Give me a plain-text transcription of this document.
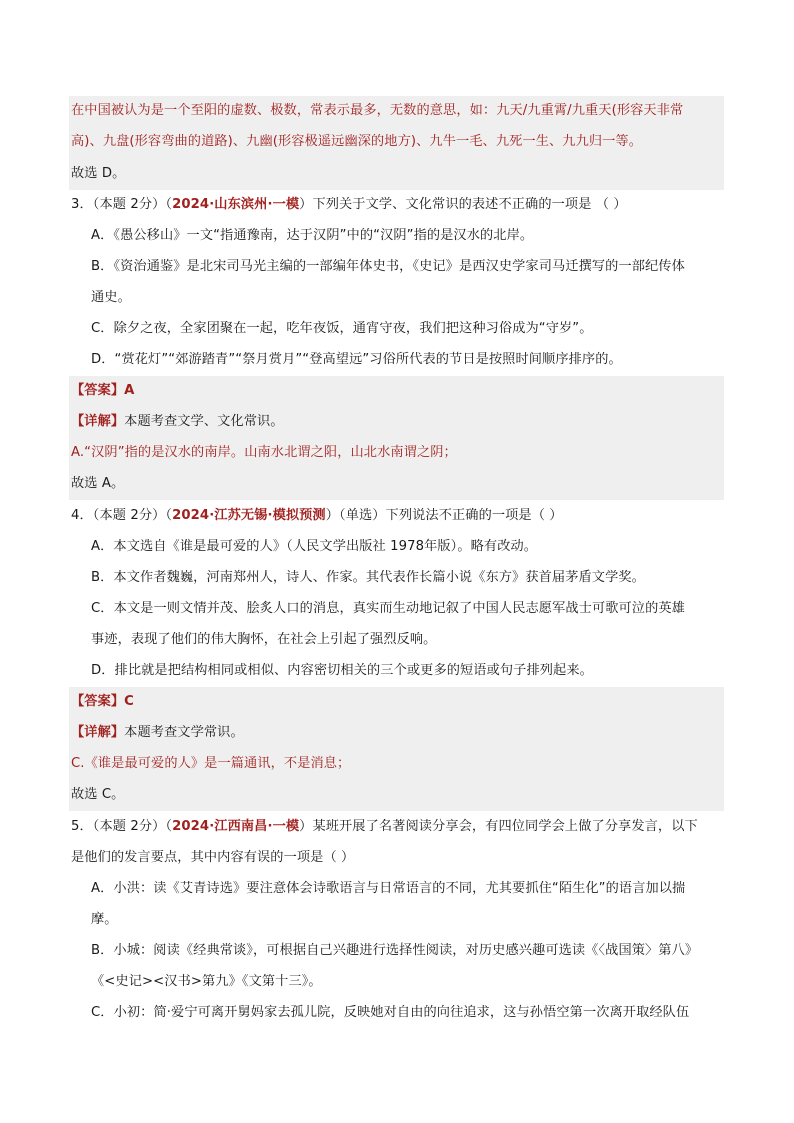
在中国被认为是一个至阳的虚数、极数，常表示最多，无数的意思，如：九天/九重霄/九重天(形容天非常
高)、九盘(形容弯曲的道路)、九幽(形容极遥远幽深的地方)、九牛一毛、九死一生、九九归一等。
故选 D。
3．（本题 2分）（2024·山东滨州·一模）下列关于文学、文化常识的表述不正确的一项是 （ ）
A．《愚公移山》一文“指通豫南，达于汉阴”中的“汉阴”指的是汉水的北岸。
B．《资治通鉴》是北宋司马光主编的一部编年体史书，《史记》是西汉史学家司马迁撰写的一部纪传体
通史。
C．除夕之夜，全家团聚在一起，吃年夜饭，通宵守夜，我们把这种习俗成为“守岁”。
D．“赏花灯”“郊游踏青”“祭月赏月”“登高望远”习俗所代表的节日是按照时间顺序排序的。
【答案】A
【详解】本题考查文学、文化常识。
A.“汉阴”指的是汉水的南岸。山南水北谓之阳，山北水南谓之阴；
故选 A。
4．（本题 2分）（2024·江苏无锡·模拟预测）（单选）下列说法不正确的一项是（ ）
A．本文选自《谁是最可爱的人》（人民文学出版社 1978年版）。略有改动。
B．本文作者魏巍，河南郑州人，诗人、作家。其代表作长篇小说《东方》获首届茅盾文学奖。
C．本文是一则文情并茂、脍炙人口的消息，真实而生动地记叙了中国人民志愿军战士可歌可泣的英雄
事迹，表现了他们的伟大胸怀，在社会上引起了强烈反响。
D．排比就是把结构相同或相似、内容密切相关的三个或更多的短语或句子排列起来。
【答案】C
【详解】本题考查文学常识。
C.《谁是最可爱的人》是一篇通讯，不是消息；
故选 C。
5．（本题 2分）（2024·江西南昌·一模）某班开展了名著阅读分享会，有四位同学会上做了分享发言，以下
是他们的发言要点，其中内容有误的一项是（ ）
A．小洪：读《艾青诗选》要注意体会诗歌语言与日常语言的不同，尤其要抓住“陌生化”的语言加以揣
摩。
B．小城：阅读《经典常谈》，可根据自己兴趣进行选择性阅读，对历史感兴趣可选读《〈战国策〉第八》
《<史记><汉书>第九》《文第十三》。
C．小初：简·爱宁可离开舅妈家去孤儿院，反映她对自由的向往追求，这与孙悟空第一次离开取经队伍
